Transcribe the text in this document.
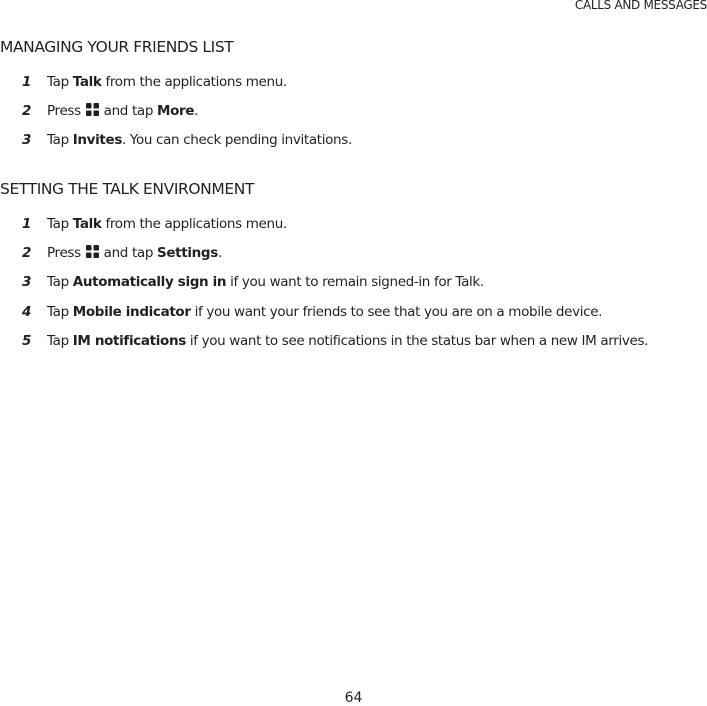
CALLS AND MESSAGES
MANAGING YOUR FRIENDS LIST
1 Tap Talk from the applications menu.
2 Press  and tap More.
3 Tap Invites. You can check pending invitations.
SETTING THE TALK ENVIRONMENT
1 Tap Talk from the applications menu.
2 Press  and tap Settings.
3 Tap Automatically sign in if you want to remain signed-in for Talk.
4 Tap Mobile indicator if you want your friends to see that you are on a mobile device.
5 Tap IM notifications if you want to see notifications in the status bar when a new IM arrives.
64
